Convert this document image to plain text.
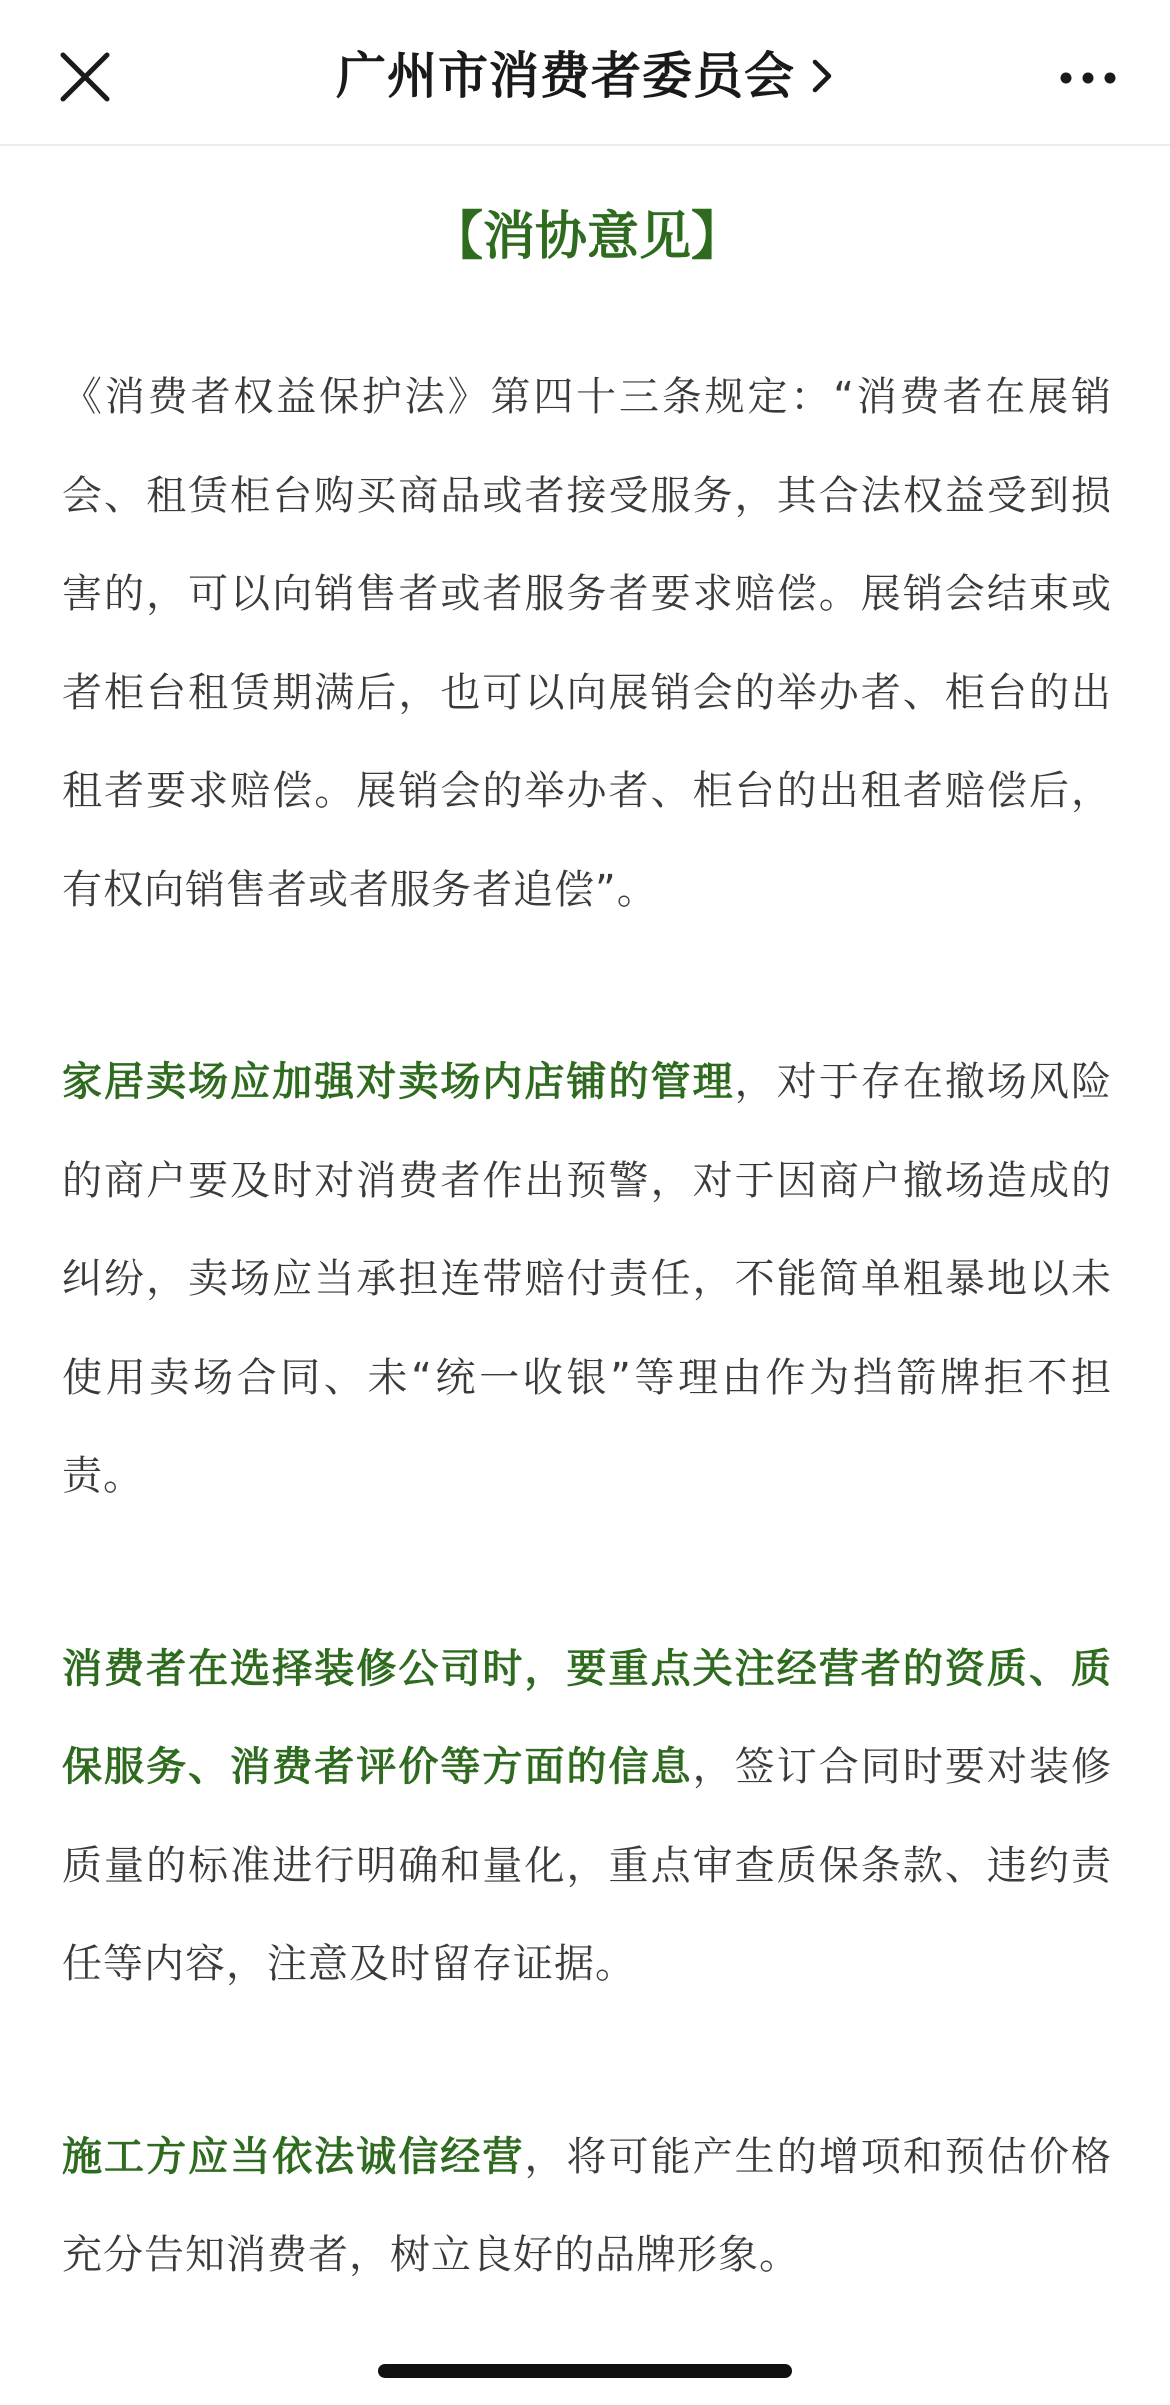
广州市消费者委员会
【消协意见】

《消费者权益保护法》第四十三条规定：“消费者在展销会、租赁柜台购买商品或者接受服务，其合法权益受到损害的，可以向销售者或者服务者要求赔偿。展销会结束或者柜台租赁期满后，也可以向展销会的举办者、柜台的出租者要求赔偿。展销会的举办者、柜台的出租者赔偿后，有权向销售者或者服务者追偿”。

家居卖场应加强对卖场内店铺的管理，对于存在撤场风险的商户要及时对消费者作出预警，对于因商户撤场造成的纠纷，卖场应当承担连带赔付责任，不能简单粗暴地以未使用卖场合同、未“统一收银”等理由作为挡箭牌拒不担责。

消费者在选择装修公司时，要重点关注经营者的资质、质保服务、消费者评价等方面的信息，签订合同时要对装修质量的标准进行明确和量化，重点审查质保条款、违约责任等内容，注意及时留存证据。

施工方应当依法诚信经营，将可能产生的增项和预估价格充分告知消费者，树立良好的品牌形象。
